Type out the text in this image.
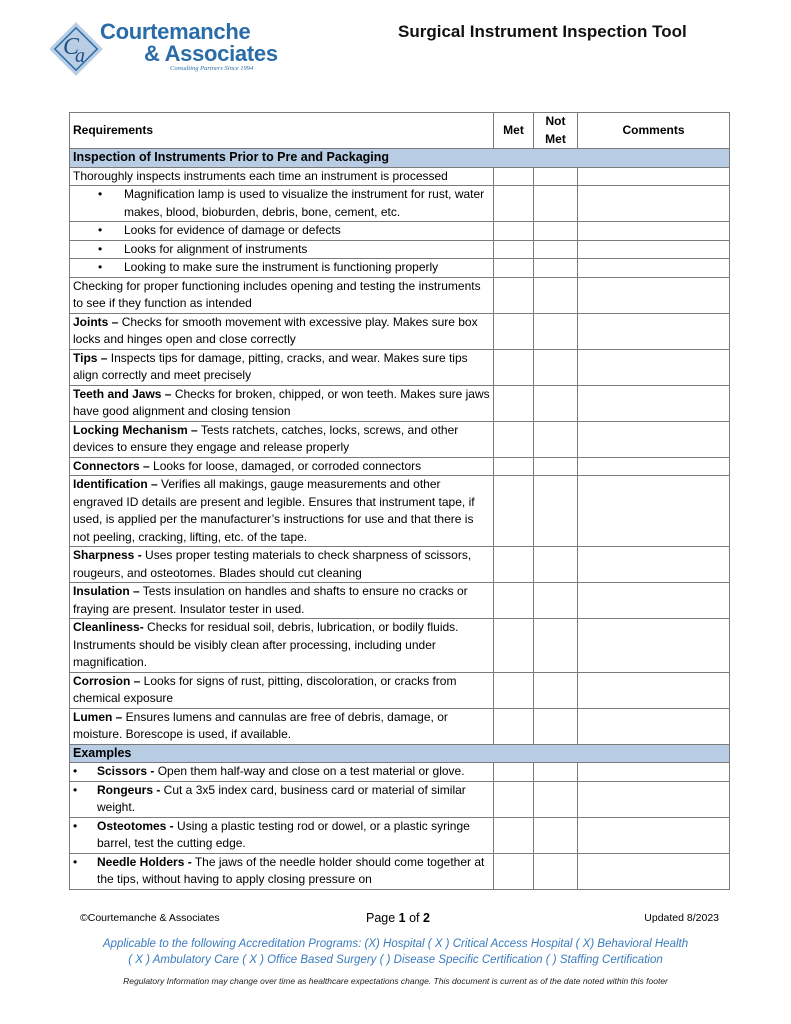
C
a
Courtemanche
& Associates
Consulting Partners Since 1994
Surgical Instrument Inspection Tool
Requirements	Met	Not Met	Comments
Inspection of Instruments Prior to Pre and Packaging			
Thoroughly inspects instruments each time an instrument is processed			

• Magnification lamp is used to visualize the instrument for rust, water makes, blood, bioburden, debris, bone, cement, etc.			

• Looks for evidence of damage or defects			

• Looks for alignment of instruments			

• Looking to make sure the instrument is functioning properly			

Checking for proper functioning includes opening and testing the instruments to see if they function as intended			
Joints – Checks for smooth movement with excessive play. Makes sure box locks and hinges open and close correctly			
Tips – Inspects tips for damage, pitting, cracks, and wear. Makes sure tips align correctly and meet precisely			
Teeth and Jaws – Checks for broken, chipped, or won teeth. Makes sure jaws have good alignment and closing tension			
Locking Mechanism – Tests ratchets, catches, locks, screws, and other devices to ensure they engage and release properly			
Connectors – Looks for loose, damaged, or corroded connectors			
Identification – Verifies all makings, gauge measurements and other engraved ID details are present and legible. Ensures that instrument tape, if used, is applied per the manufacturer’s instructions for use and that there is not peeling, cracking, lifting, etc. of the tape.			
Sharpness - Uses proper testing materials to check sharpness of scissors, rougeurs, and osteotomes. Blades should cut cleaning			
Insulation – Tests insulation on handles and shafts to ensure no cracks or fraying are present. Insulator tester in used.			
Cleanliness- Checks for residual soil, debris, lubrication, or bodily fluids. Instruments should be visibly clean after processing, including under magnification.			
Corrosion – Looks for signs of rust, pitting, discoloration, or cracks from chemical exposure			
Lumen – Ensures lumens and cannulas are free of debris, damage, or moisture. Borescope is used, if available.			
Examples			

• Scissors - Open them half-way and close on a test material or glove.			

• Rongeurs - Cut a 3x5 index card, business card or material of similar weight.			

• Osteotomes - Using a plastic testing rod or dowel, or a plastic syringe barrel, test the cutting edge.			

• Needle Holders - The jaws of the needle holder should come together at the tips, without having to apply closing pressure on			

©Courtemanche & Associates	Page 1 of 2	Updated 8/2023
Applicable to the following Accreditation Programs: (X) Hospital ( X ) Critical Access Hospital ( X) Behavioral Health
( X ) Ambulatory Care ( X ) Office Based Surgery ( ) Disease Specific Certification ( ) Staffing Certification
Regulatory Information may change over time as healthcare expectations change. This document is current as of the date noted within this footer
